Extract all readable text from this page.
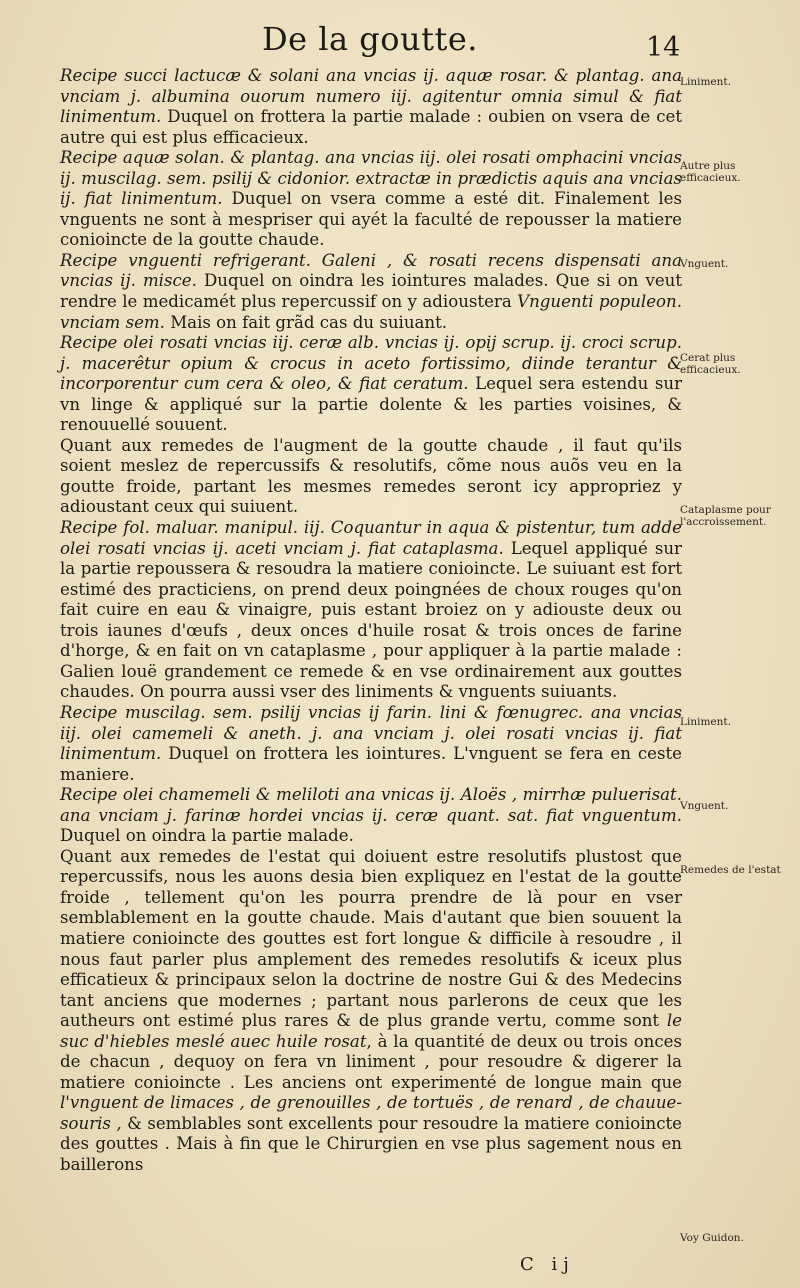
De la goutte.	14

Recipe succi lactucæ & solani ana vncias ij. aquæ rosar. & plantag. ana vnciam j. albumina ouorum numero iij. agitentur omnia simul & fiat linimentum. Duquel on frottera la partie malade : oubien on vsera de cet autre qui est plus efficacieux.

Recipe aquæ solan. & plantag. ana vncias iij. olei rosati omphacini vncias ij. muscilag. sem. psilij & cidonior. extractæ in prædictis aquis ana vncias ij. fiat linimentum. Duquel on vsera comme a esté dit. Finalement les vnguents ne sont à mespriser qui ayét la faculté de repousser la matiere conioincte de la goutte chaude.

Recipe vnguenti refrigerant. Galeni , & rosati recens dispensati ana vncias ij. misce. Duquel on oindra les iointures malades. Que si on veut rendre le medicamét plus repercussif on y adioustera Vnguenti populeon. vnciam sem. Mais on fait grãd cas du suiuant.

Recipe olei rosati vncias iij. ceræ alb. vncias ij. opij scrup. ij. croci scrup. j. macerêtur opium & crocus in aceto fortissimo, diinde terantur & incorporentur cum cera & oleo, & fiat ceratum. Lequel sera estendu sur vn linge & appliqué sur la partie dolente & les parties voisines, & renouuellé souuent.

Quant aux remedes de l'augment de la goutte chaude , il faut qu'ils soient meslez de repercussifs & resolutifs, cõme nous auõs veu en la goutte froide, partant les mesmes remedes seront icy appropriez y adioustant ceux qui suiuent.

Recipe fol. maluar. manipul. iij. Coquantur in aqua & pistentur, tum adde olei rosati vncias ij. aceti vnciam j. fiat cataplasma. Lequel appliqué sur la partie repoussera & resoudra la matiere conioincte. Le suiuant est fort estimé des practiciens, on prend deux poingnées de choux rouges qu'on fait cuire en eau & vinaigre, puis estant broiez on y adiouste deux ou trois iaunes d'œufs , deux onces d'huile rosat & trois onces de farine d'horge, & en fait on vn cataplasme , pour appliquer à la partie malade : Galien louë grandement ce remede & en vse ordinairement aux gouttes chaudes. On pourra aussi vser des liniments & vnguents suiuants.

Recipe muscilag. sem. psilij vncias ij farin. lini & fœnugrec. ana vncias iij. olei camemeli & aneth. j. ana vnciam j. olei rosati vncias ij. fiat linimentum. Duquel on frottera les iointures. L'vnguent se fera en ceste maniere.

Recipe olei chamemeli & meliloti ana vnicas ij. Aloës , mirrhæ puluerisat. ana vnciam j. farinæ hordei vncias ij. ceræ quant. sat. fiat vnguentum. Duquel on oindra la partie malade.

Quant aux remedes de l'estat qui doiuent estre resolutifs plustost que repercussifs, nous les auons desia bien expliquez en l'estat de la goutte froide , tellement qu'on les pourra prendre de là pour en vser semblablement en la goutte chaude. Mais d'autant que bien souuent la matiere conioincte des gouttes est fort longue & difficile à resoudre , il nous faut parler plus amplement des remedes resolutifs & iceux plus efficatieux & principaux selon la doctrine de nostre Gui & des Medecins tant anciens que modernes ; partant nous parlerons de ceux que les autheurs ont estimé plus rares & de plus grande vertu, comme sont le suc d'hiebles meslé auec huile rosat, à la quantité de deux ou trois onces de chacun , dequoy on fera vn liniment , pour resoudre & digerer la matiere conioincte . Les anciens ont experimenté de longue main que l'vnguent de limaces , de grenouilles , de tortuës , de renard , de chauue-souris , & semblables sont excellents pour resoudre la matiere conioincte des gouttes . Mais à fin que le Chirurgien en vse plus sagement nous en baillerons

Liniment.
Autre plus efficacieux.
Vnguent.
Cerat plus efficacieux.
Cataplasme pour l'accroissement.
Liniment.
Vnguent.
Remedes de l'estat
Voy Guidon.
C ij
